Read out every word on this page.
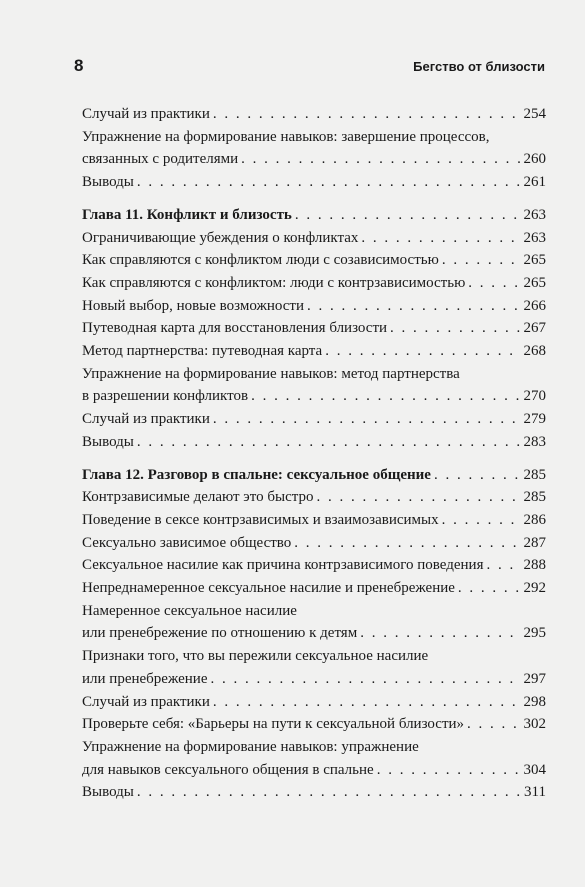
8	Бегство от близости
Случай из практики . . .	254
Упражнение на формирование навыков: завершение процессов,
связанных с родителями . . .	260
Выводы . . .	261
Глава 11. Конфликт и близость . . .	263
Ограничивающие убеждения о конфликтах . . .	263
Как справляются с конфликтом люди с созависимостью . . .	265
Как справляются с конфликтом: люди с контрзависимостью . . .	265
Новый выбор, новые возможности . . .	266
Путеводная карта для восстановления близости . . .	267
Метод партнерства: путеводная карта . . .	268
Упражнение на формирование навыков: метод партнерства
в разрешении конфликтов . . .	270
Случай из практики . . .	279
Выводы . . .	283
Глава 12. Разговор в спальне: сексуальное общение . . .	285
Контрзависимые делают это быстро . . .	285
Поведение в сексе контрзависимых и взаимозависимых . . .	286
Сексуально зависимое общество . . .	287
Сексуальное насилие как причина контрзависимого поведения . . .	288
Непреднамеренное сексуальное насилие и пренебрежение . . .	292
Намеренное сексуальное насилие
или пренебрежение по отношению к детям . . .	295
Признаки того, что вы пережили сексуальное насилие
или пренебрежение . . .	297
Случай из практики . . .	298
Проверьте себя: «Барьеры на пути к сексуальной близости» . . .	302
Упражнение на формирование навыков: упражнение
для навыков сексуального общения в спальне . . .	304
Выводы . . .	311
